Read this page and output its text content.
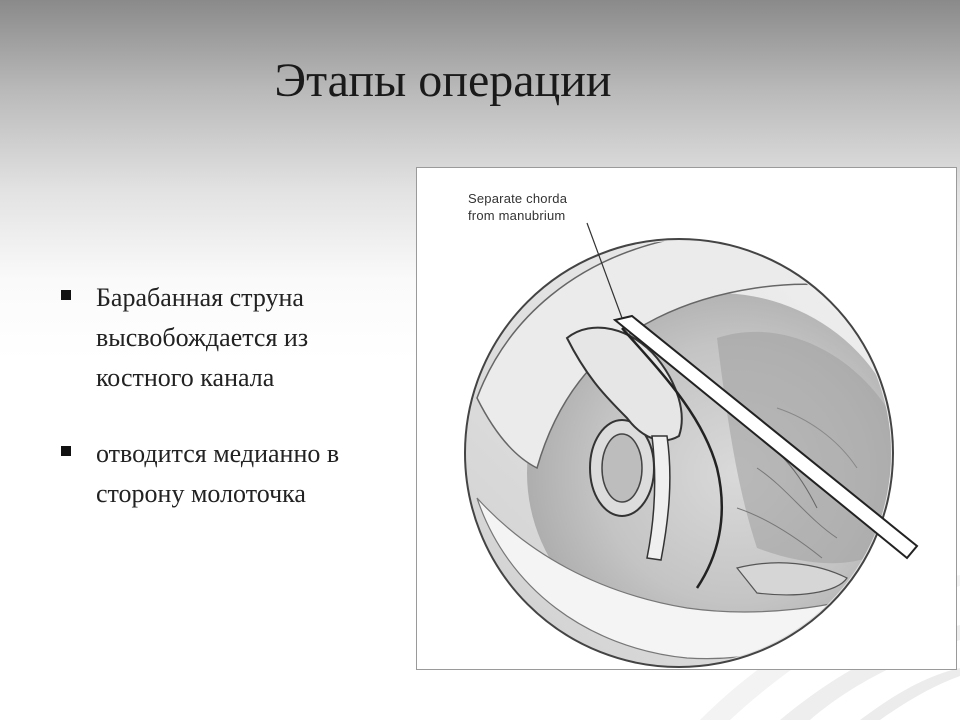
Этапы операции
Барабанная струна высвобождается из костного канала
отводится медианно в сторону молоточка
Separate chorda
from manubrium
